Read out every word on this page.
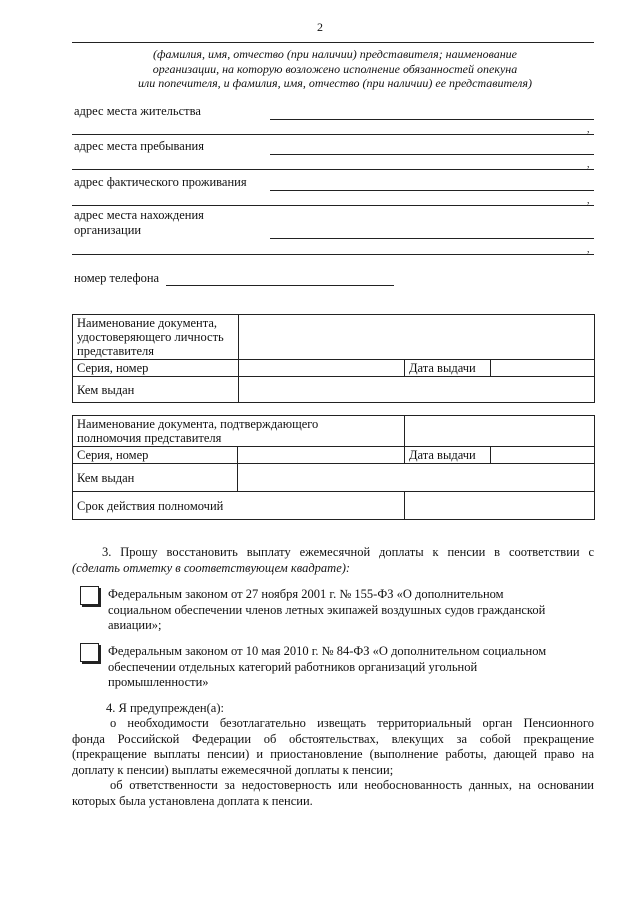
2
(фамилия, имя, отчество (при наличии) представителя; наименование
организации, на которую возложено исполнение обязанностей опекуна
или попечителя, и фамилия, имя, отчество (при наличии) ее представителя)
адрес места жительства
,
адрес места пребывания
,
адрес фактического проживания
,
адрес места нахождения
организации
,
номер телефона
Наименование документа,
удостоверяющего личность
представителя			

Серия, номер		Дата выдачи	
Кем выдан			
Наименование документа, подтверждающего
полномочия представителя			

Серия, номер		Дата выдачи	
Кем выдан			
Срок действия полномочий			
3. Прошу восстановить выплату ежемесячной доплаты к пенсии в соответствии с
(сделать отметку в соответствующем квадрате):
Федеральным законом от 27 ноября 2001 г. № 155-ФЗ «О дополнительном
социальном обеспечении членов летных экипажей воздушных судов гражданской
авиации»;
Федеральным законом от 10 мая 2010 г. № 84-ФЗ «О дополнительном социальном
обеспечении отдельных категорий работников организаций угольной
промышленности»
4. Я предупрежден(а):
о необходимости безотлагательно извещать территориальный орган Пенсионного
фонда Российской Федерации об обстоятельствах, влекущих за собой прекращение
(прекращение выплаты пенсии) и приостановление (выполнение работы, дающей право на
доплату к пенсии) выплаты ежемесячной доплаты к пенсии;
об ответственности за недостоверность или необоснованность данных, на основании
которых была установлена доплата к пенсии.
